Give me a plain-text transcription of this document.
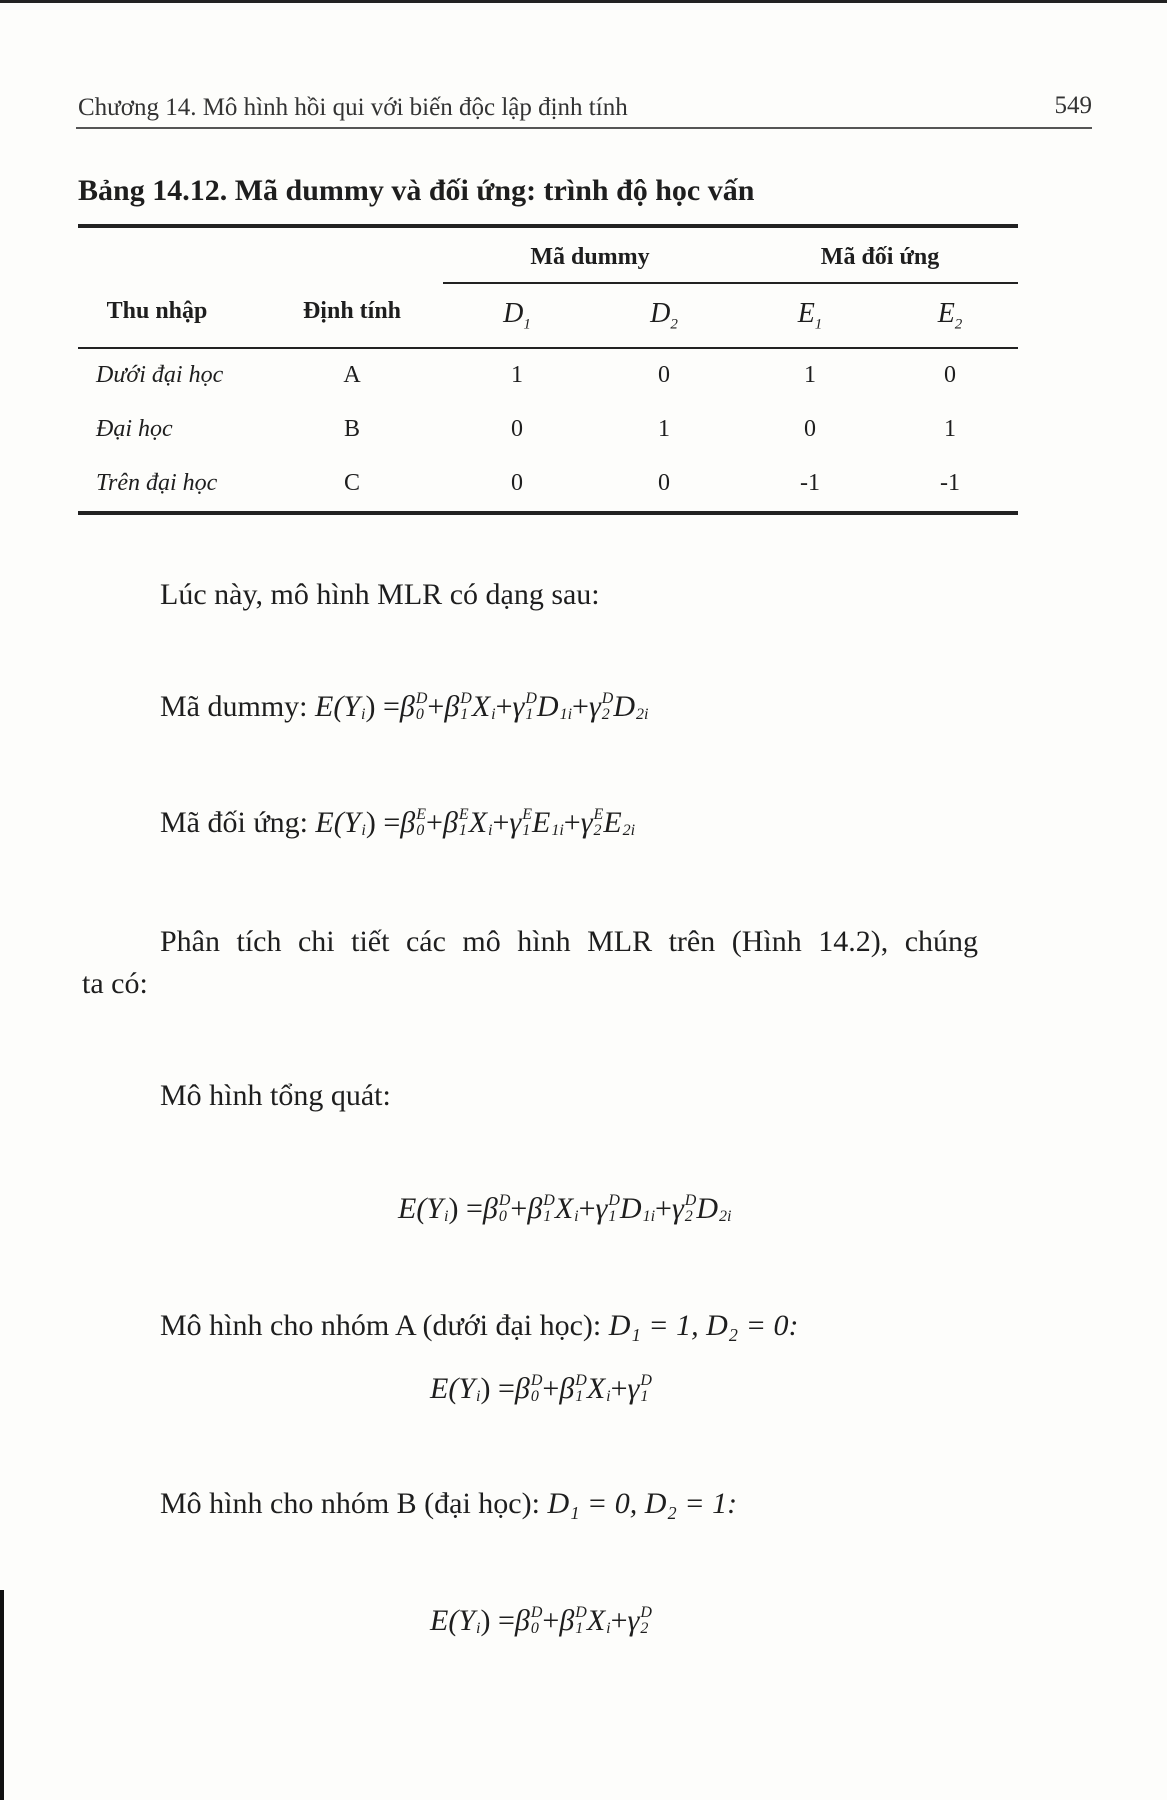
Chương 14. Mô hình hồi qui với biến độc lập định tính	549
Bảng 14.12. Mã dummy và đối ứng: trình độ học vấn
Mã dummy	Mã đối ứng
Thu nhập	Định tính	$D_1$	$D_2$	$E_1$	$E_2$
Dưới đại học	A	1	0	1	0
Đại học	B	0	1	0	1
Trên đại học	C	0	0	-1	-1
Lúc này, mô hình MLR có dạng sau:
Mã dummy: E(Y
i ) = β D
0 + β D
1 X
i + γ D
1 D
1i + γ D
2 D
2i
Mã đối ứng: E(Y
i ) = β E
0 + β E
1 X
i + γ E
1 E
1i + γ E
2 E
2i
Phân tích chi tiết các mô hình MLR trên (Hình 14.2), chúng
ta có:
Mô hình tổng quát:
E(Y
i ) = β D
0 + β D
1 X
i + γ D
1 D
1i + γ D
2 D
2i
Mô hình cho nhóm A (dưới đại học): D₁ = 1, D₂ = 0:
E(Y
i ) = β D
0 + β D
1 X
i + γ D
1
Mô hình cho nhóm B (đại học): D₁ = 0, D₂ = 1:
E(Y
i ) = β D
0 + β D
1 X
i + γ D
2
